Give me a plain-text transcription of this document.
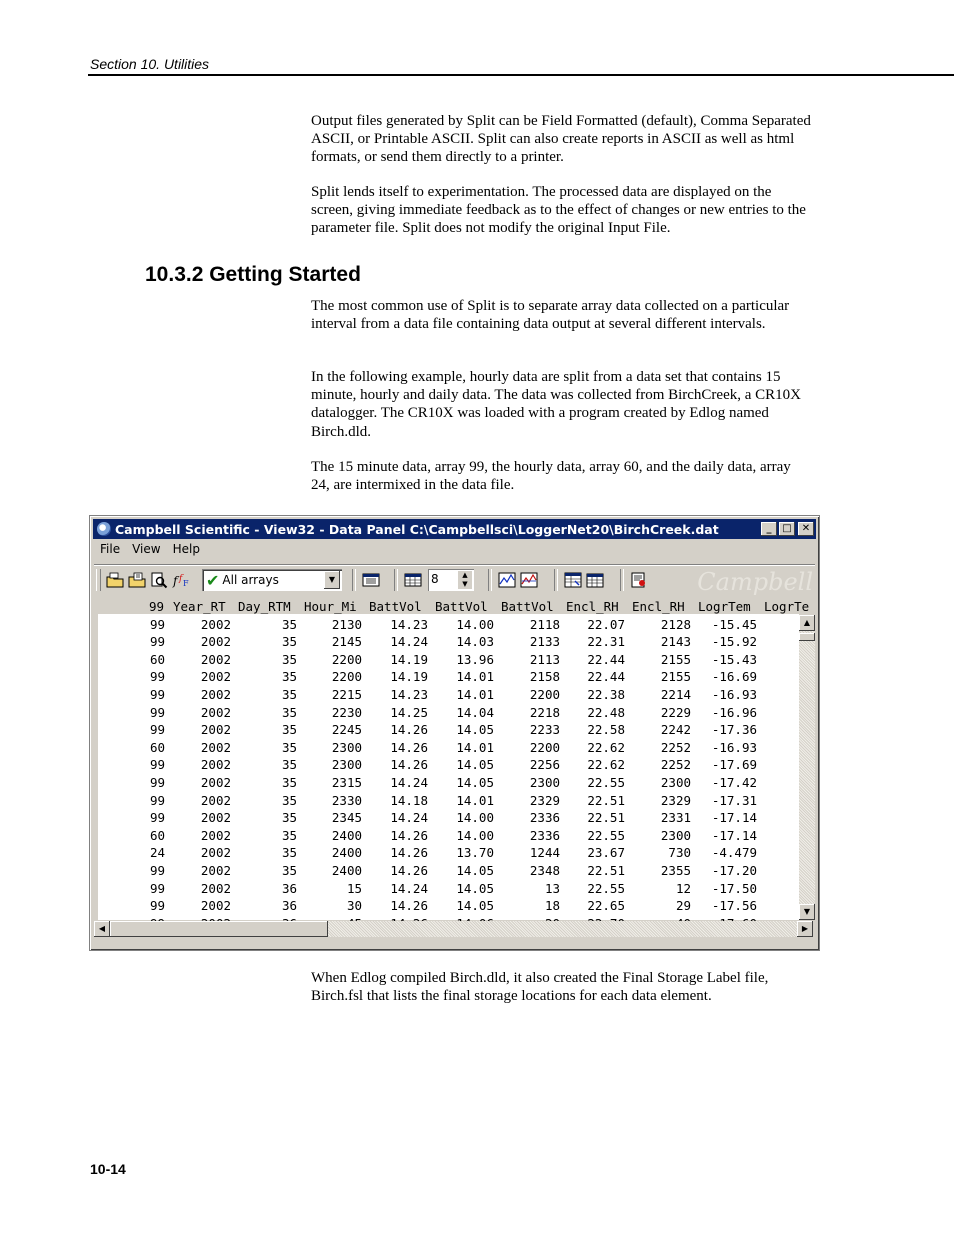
Section 10. Utilities

Output files generated by Split can be Field Formatted (default), Comma Separated ASCII, or Printable ASCII. Split can also create reports in ASCII as well as html formats, or send them directly to a printer.

Split lends itself to experimentation. The processed data are displayed on the screen, giving immediate feedback as to the effect of changes or new entries to the parameter file. Split does not modify the original Input File.

10.3.2 Getting Started

The most common use of Split is to separate array data collected on a particular interval from a data file containing data output at several different intervals.

In the following example, hourly data are split from a data set that contains 15 minute, hourly and daily data. The data was collected from BirchCreek, a CR10X datalogger. The CR10X was loaded with a program created by Edlog named Birch.dld.

The 15 minute data, array 99, the hourly data, array 60, and the daily data, array 24, are intermixed in the data file.

Campbell Scientific - View32 - Data Panel C:\Campbellsci\LoggerNet20\BirchCreek.dat	_	□	✕
File	View	Help
Campbell
f f F ✔ All arrays	▼	8	▲
▼
99 Year_RT Day_RTM Hour_Mi BattVol BattVol BattVol Encl_RH Encl_RH LogrTem LogrTe
99	2002	35	2130 14.23 14.00	2118 22.07	2128 -15.45
99	2002	35	2145 14.24 14.03	2133 22.31	2143 -15.92
60	2002	35	2200 14.19 13.96	2113 22.44	2155 -15.43
99	2002	35	2200 14.19 14.01	2158 22.44	2155 -16.69
99	2002	35	2215 14.23 14.01	2200 22.38	2214 -16.93
99	2002	35	2230 14.25 14.04	2218 22.48	2229 -16.96
99	2002	35	2245 14.26 14.05	2233 22.58	2242 -17.36
60	2002	35	2300 14.26 14.01	2200 22.62	2252 -16.93
99	2002	35	2300 14.26 14.05	2256 22.62	2252 -17.69
99	2002	35	2315 14.24 14.05	2300 22.55	2300 -17.42
99	2002	35	2330 14.18 14.01	2329 22.51	2329 -17.31
99	2002	35	2345 14.24 14.00	2336 22.51	2331 -17.14
60	2002	35	2400 14.26 14.00	2336 22.55	2300 -17.14
24	2002	35	2400 14.26 13.70	1244 23.67	730 -4.479
99	2002	35	2400 14.26 14.05	2348 22.51	2355 -17.20
99	2002	36	15 14.24 14.05	13 22.55	12 -17.50
99	2002	36	30 14.26 14.05	18 22.65	29 -17.56
▲
▼
◀	▶

When Edlog compiled Birch.dld, it also created the Final Storage Label file, Birch.fsl that lists the final storage locations for each data element.

10-14
